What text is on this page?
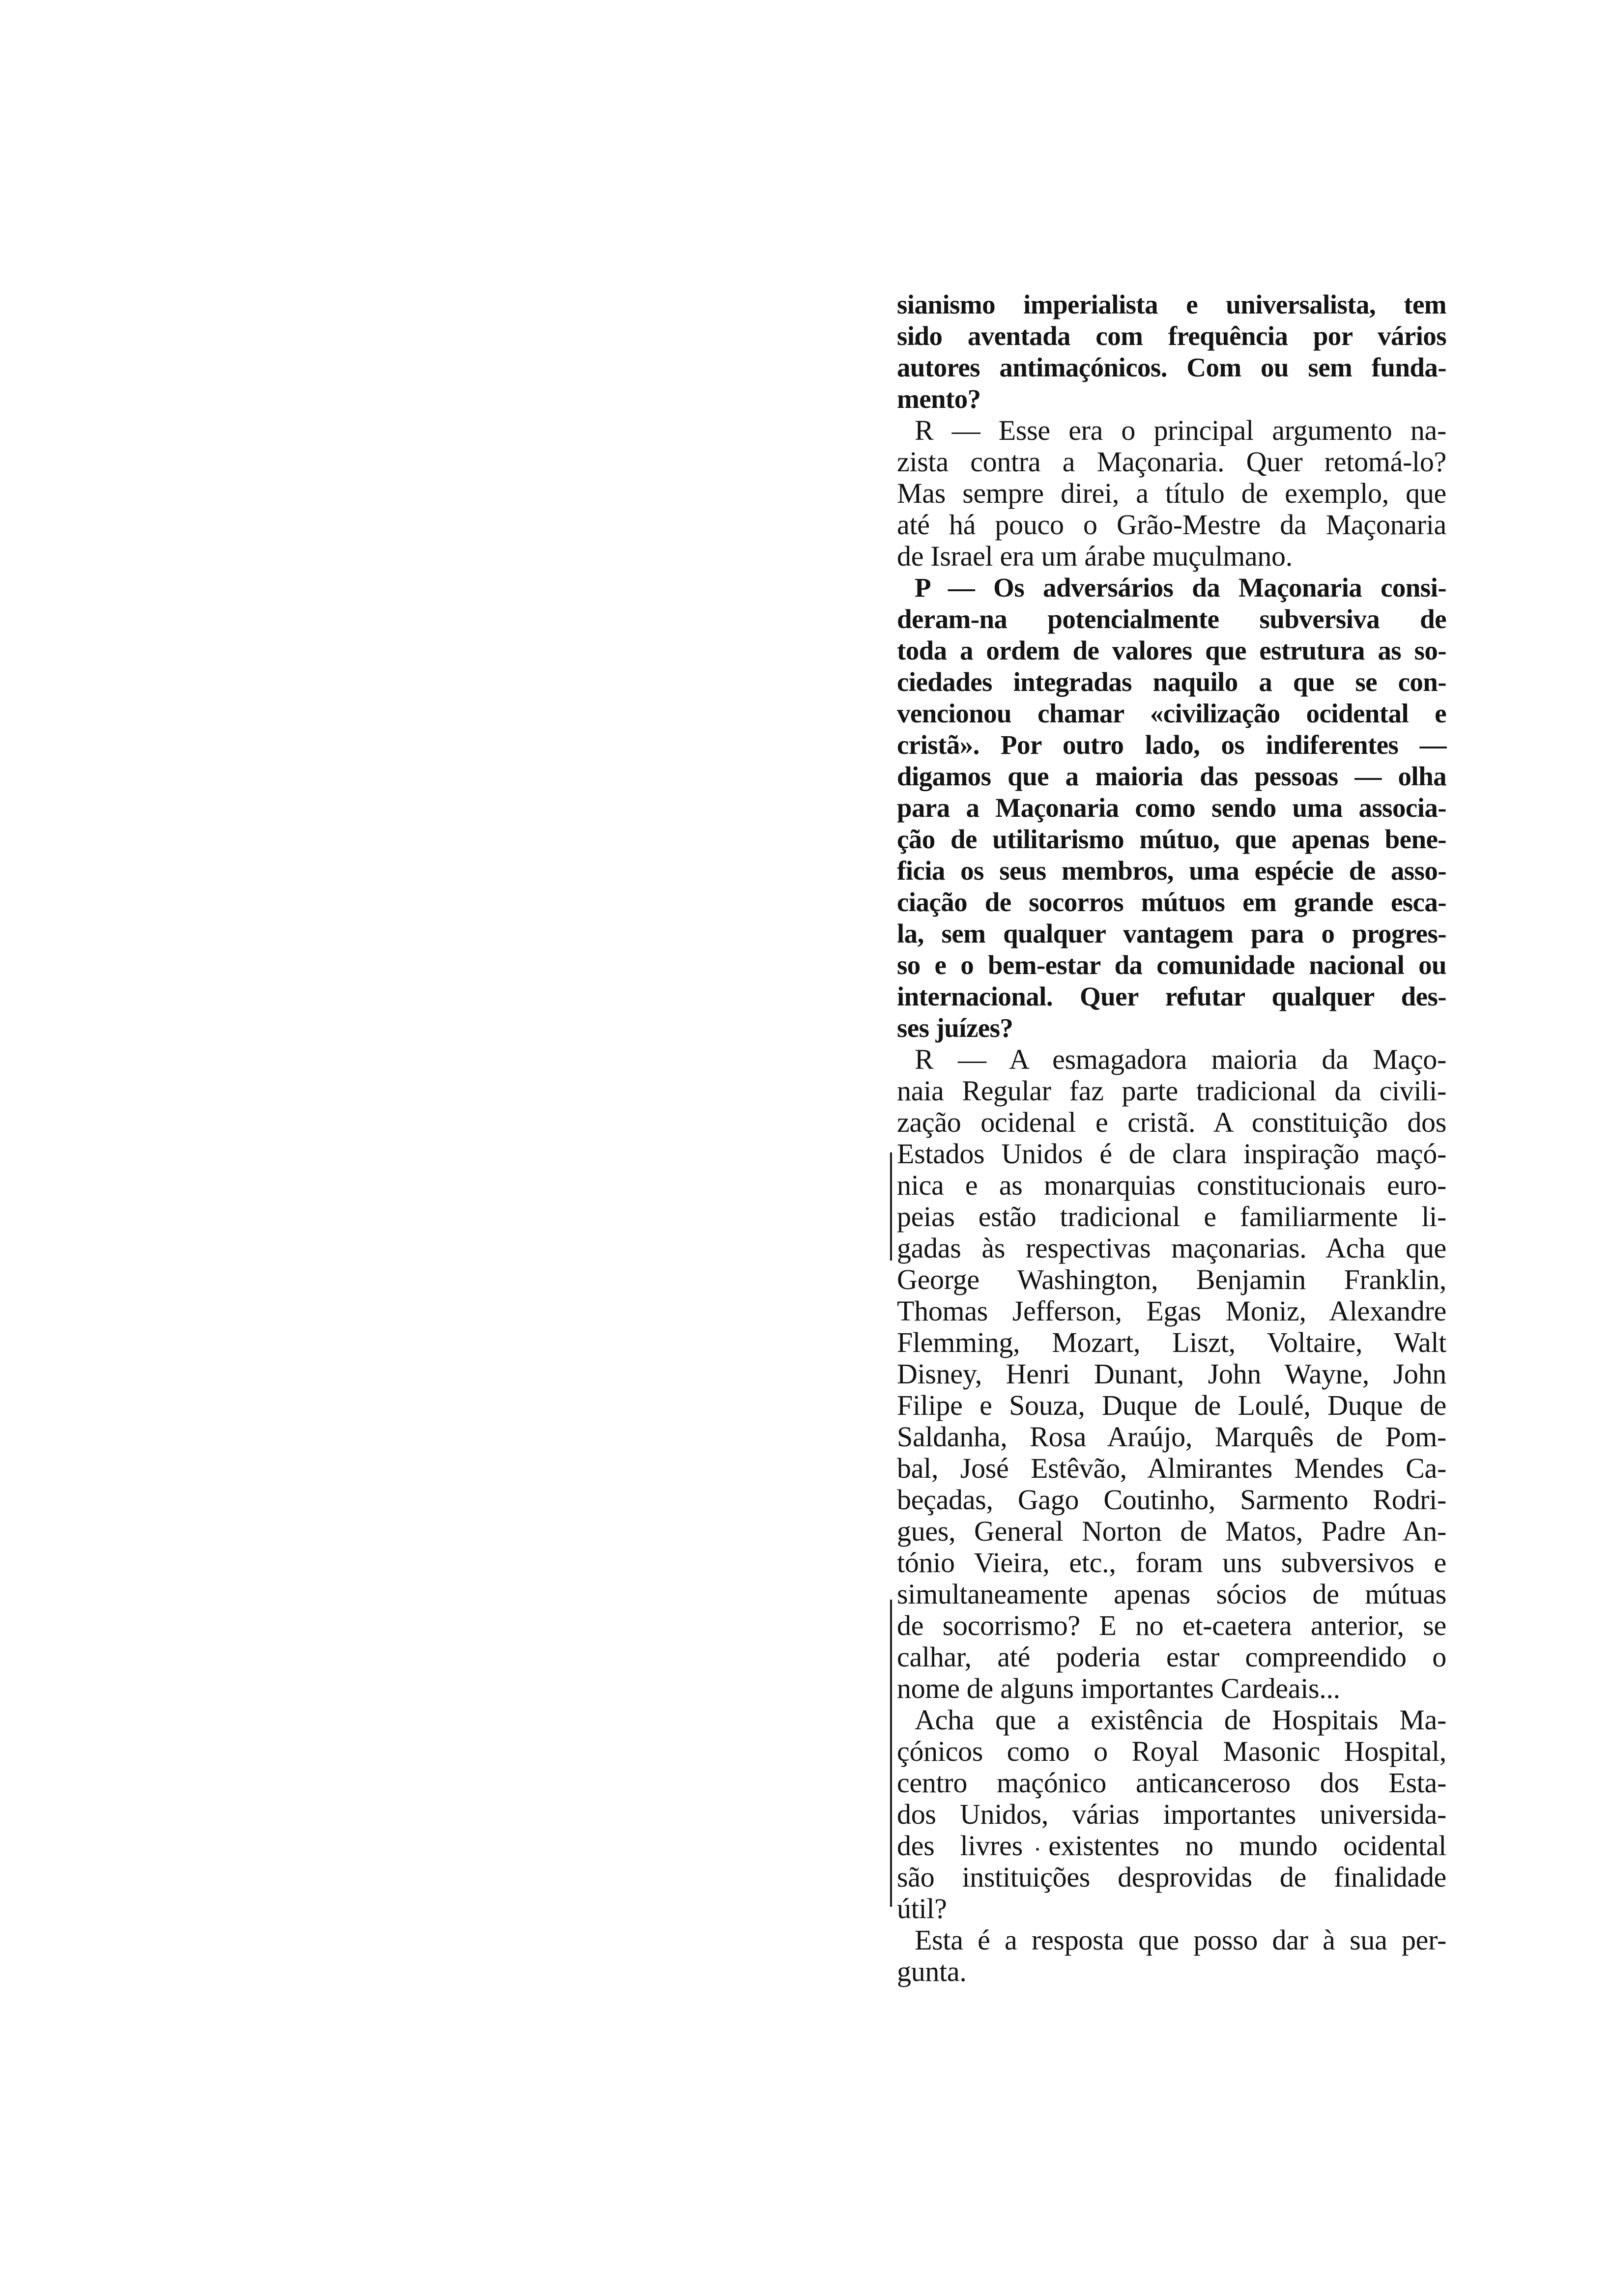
sianismo imperialista e universalista, tem
sido aventada com frequência por vários
autores antimaçónicos. Com ou sem funda-
mento?
R — Esse era o principal argumento na-
zista contra a Maçonaria. Quer retomá-lo?
Mas sempre direi, a título de exemplo, que
até há pouco o Grão-Mestre da Maçonaria
de Israel era um árabe muçulmano.
P — Os adversários da Maçonaria consi-
deram-na potencialmente subversiva de
toda a ordem de valores que estrutura as so-
ciedades integradas naquilo a que se con-
vencionou chamar «civilização ocidental e
cristã». Por outro lado, os indiferentes —
digamos que a maioria das pessoas — olha
para a Maçonaria como sendo uma associa-
ção de utilitarismo mútuo, que apenas bene-
ficia os seus membros, uma espécie de asso-
ciação de socorros mútuos em grande esca-
la, sem qualquer vantagem para o progres-
so e o bem-estar da comunidade nacional ou
internacional. Quer refutar qualquer des-
ses juízes?
R — A esmagadora maioria da Maço-
naia Regular faz parte tradicional da civili-
zação ocidenal e cristã. A constituição dos
Estados Unidos é de clara inspiração maçó-
nica e as monarquias constitucionais euro-
peias estão tradicional e familiarmente li-
gadas às respectivas maçonarias. Acha que
George Washington, Benjamin Franklin,
Thomas Jefferson, Egas Moniz, Alexandre
Flemming, Mozart, Liszt, Voltaire, Walt
Disney, Henri Dunant, John Wayne, John
Filipe e Souza, Duque de Loulé, Duque de
Saldanha, Rosa Araújo, Marquês de Pom-
bal, José Estêvão, Almirantes Mendes Ca-
beçadas, Gago Coutinho, Sarmento Rodri-
gues, General Norton de Matos, Padre An-
tónio Vieira, etc., foram uns subversivos e
simultaneamente apenas sócios de mútuas
de socorrismo? E no et-caetera anterior, se
calhar, até poderia estar compreendido o
nome de alguns importantes Cardeais...
Acha que a existência de Hospitais Ma-
çónicos como o Royal Masonic Hospital,
centro maçónico anticanceroso dos Esta-
dos Unidos, várias importantes universida-
des livres existentes no mundo ocidental
são instituições desprovidas de finalidade
útil?
Esta é a resposta que posso dar à sua per-
gunta.
